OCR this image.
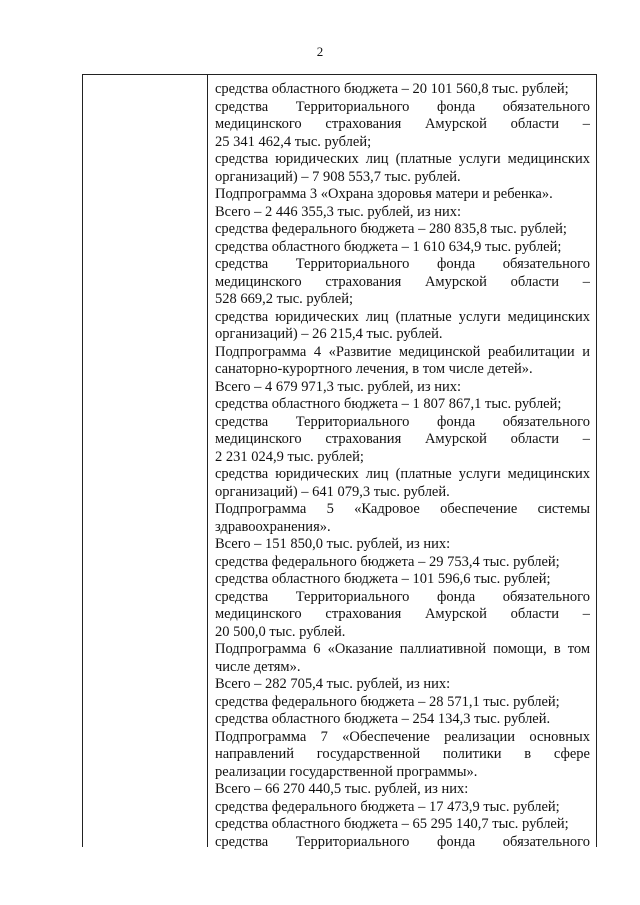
2
средства областного бюджета – 20 101 560,8 тыс. рублей;
средства Территориального фонда обязательного
медицинского страхования Амурской области –
25 341 462,4 тыс. рублей;
средства юридических лиц (платные услуги медицинских
организаций) – 7 908 553,7 тыс. рублей.
Подпрограмма 3 «Охрана здоровья матери и ребенка».
Всего – 2 446 355,3 тыс. рублей, из них:
средства федерального бюджета – 280 835,8 тыс. рублей;
средства областного бюджета – 1 610 634,9 тыс. рублей;
средства Территориального фонда обязательного
медицинского страхования Амурской области –
528 669,2 тыс. рублей;
средства юридических лиц (платные услуги медицинских
организаций) – 26 215,4 тыс. рублей.
Подпрограмма 4 «Развитие медицинской реабилитации и
санаторно-курортного лечения, в том числе детей».
Всего – 4 679 971,3 тыс. рублей, из них:
средства областного бюджета – 1 807 867,1 тыс. рублей;
средства Территориального фонда обязательного
медицинского страхования Амурской области –
2 231 024,9 тыс. рублей;
средства юридических лиц (платные услуги медицинских
организаций) – 641 079,3 тыс. рублей.
Подпрограмма 5 «Кадровое обеспечение системы
здравоохранения».
Всего – 151 850,0 тыс. рублей, из них:
средства федерального бюджета – 29 753,4 тыс. рублей;
средства областного бюджета – 101 596,6 тыс. рублей;
средства Территориального фонда обязательного
медицинского страхования Амурской области –
20 500,0 тыс. рублей.
Подпрограмма 6 «Оказание паллиативной помощи, в том
числе детям».
Всего – 282 705,4 тыс. рублей, из них:
средства федерального бюджета – 28 571,1 тыс. рублей;
средства областного бюджета – 254 134,3 тыс. рублей.
Подпрограмма 7 «Обеспечение реализации основных
направлений государственной политики в сфере
реализации государственной программы».
Всего – 66 270 440,5 тыс. рублей, из них:
средства федерального бюджета – 17 473,9 тыс. рублей;
средства областного бюджета – 65 295 140,7 тыс. рублей;
средства Территориального фонда обязательного
